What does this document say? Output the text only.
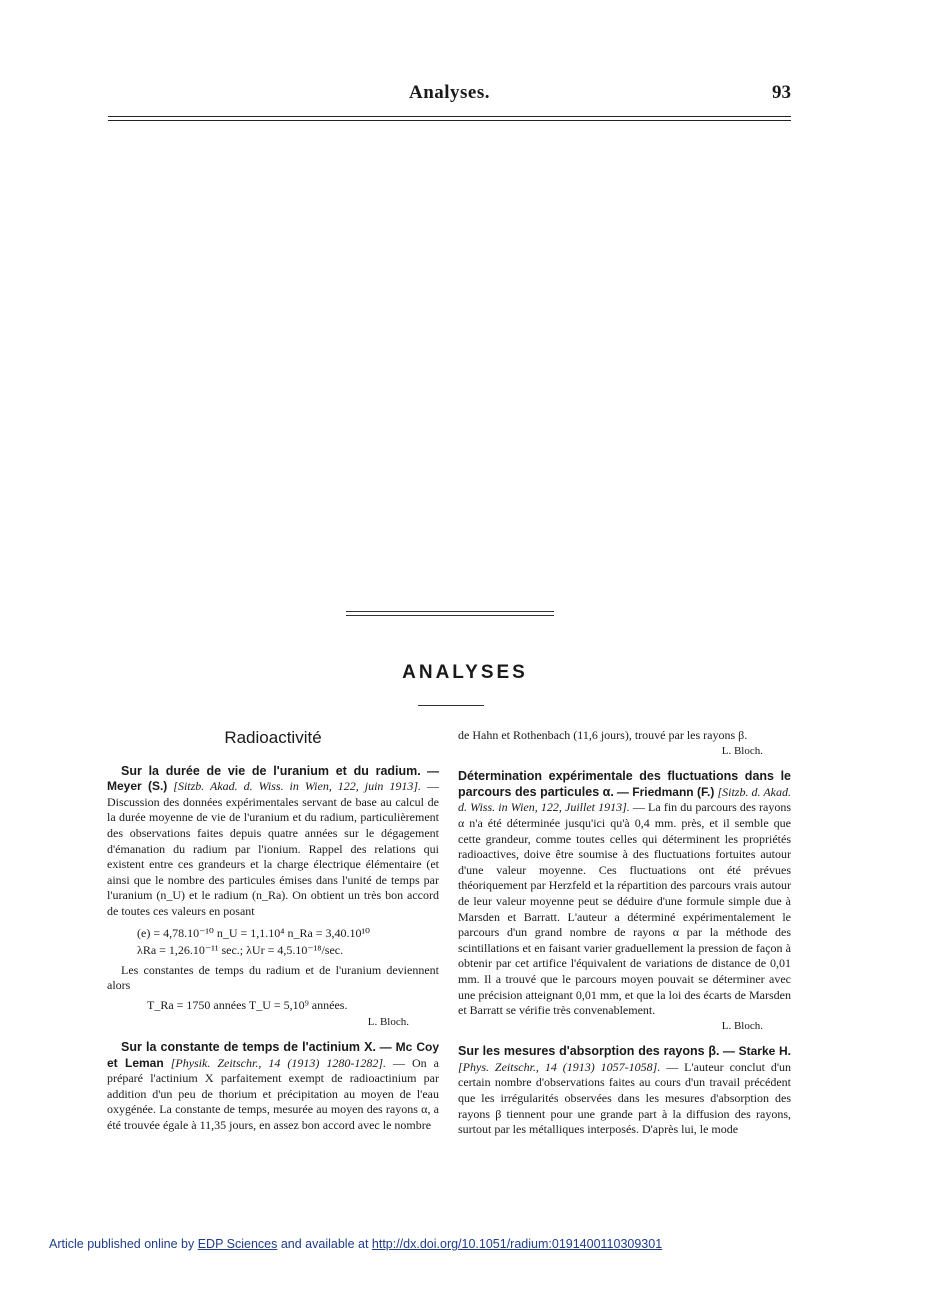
Analyses.	93
ANALYSES
Radioactivité

Sur la durée de vie de l'uranium et du radium. — Meyer (S.) [Sitzb. Akad. d. Wiss. in Wien, 122, juin 1913]. — Discussion des données expérimentales servant de base au calcul de la durée moyenne de vie de l'uranium et du radium, particulièrement des observations faites depuis quatre années sur le dégagement d'émanation du radium par l'ionium. Rappel des relations qui existent entre ces grandeurs et la charge électrique élémentaire (et ainsi que le nombre des particules émises dans l'unité de temps par l'uranium (n_U) et le radium (n_Ra). On obtient un très bon accord de toutes ces valeurs en posant

(e) = 4,78.10⁻¹⁰ n_U = 1,1.10⁴ n_Ra = 3,40.10¹⁰

λRa = 1,26.10⁻¹¹ sec.; λUr = 4,5.10⁻¹⁸/sec.

Les constantes de temps du radium et de l'uranium deviennent alors

T_Ra = 1750 années T_U = 5,10⁹ années.

L. Bloch.

Sur la constante de temps de l'actinium X. — Mc Coy et Leman [Physik. Zeitschr., 14 (1913) 1280-1282]. — On a préparé l'actinium X parfaitement exempt de radioactinium par addition d'un peu de thorium et précipitation au moyen de l'eau oxygénée. La constante de temps, mesurée au moyen des rayons α, a été trouvée égale à 11,35 jours, en assez bon accord avec le nombre

de Hahn et Rothenbach (11,6 jours), trouvé par les rayons β.

L. Bloch.

Détermination expérimentale des fluctuations dans le parcours des particules α. — Friedmann (F.) [Sitzb. d. Akad. d. Wiss. in Wien, 122, Juillet 1913]. — La fin du parcours des rayons α n'a été déterminée jusqu'ici qu'à 0,4 mm. près, et il semble que cette grandeur, comme toutes celles qui déterminent les propriétés radioactives, doive être soumise à des fluctuations fortuites autour d'une valeur moyenne. Ces fluctuations ont été prévues théoriquement par Herzfeld et la répartition des parcours vrais autour de leur valeur moyenne peut se déduire d'une formule simple due à Marsden et Barratt. L'auteur a déterminé expérimentalement le parcours d'un grand nombre de rayons α par la méthode des scintillations et en faisant varier graduellement la pression de façon à obtenir par cet artifice l'équivalent de variations de distance de 0,01 mm. Il a trouvé que le parcours moyen pouvait se déterminer avec une précision atteignant 0,01 mm, et que la loi des écarts de Marsden et Barratt se vérifie très convenablement.

L. Bloch.

Sur les mesures d'absorption des rayons β. — Starke H. [Phys. Zeitschr., 14 (1913) 1057-1058]. — L'auteur conclut d'un certain nombre d'observations faites au cours d'un travail précédent que les irrégularités observées dans les mesures d'absorption des rayons β tiennent pour une grande part à la diffusion des rayons, surtout par les métalliques interposés. D'après lui, le mode

Article published online by EDP Sciences and available at http://dx.doi.org/10.1051/radium:0191400110309301
